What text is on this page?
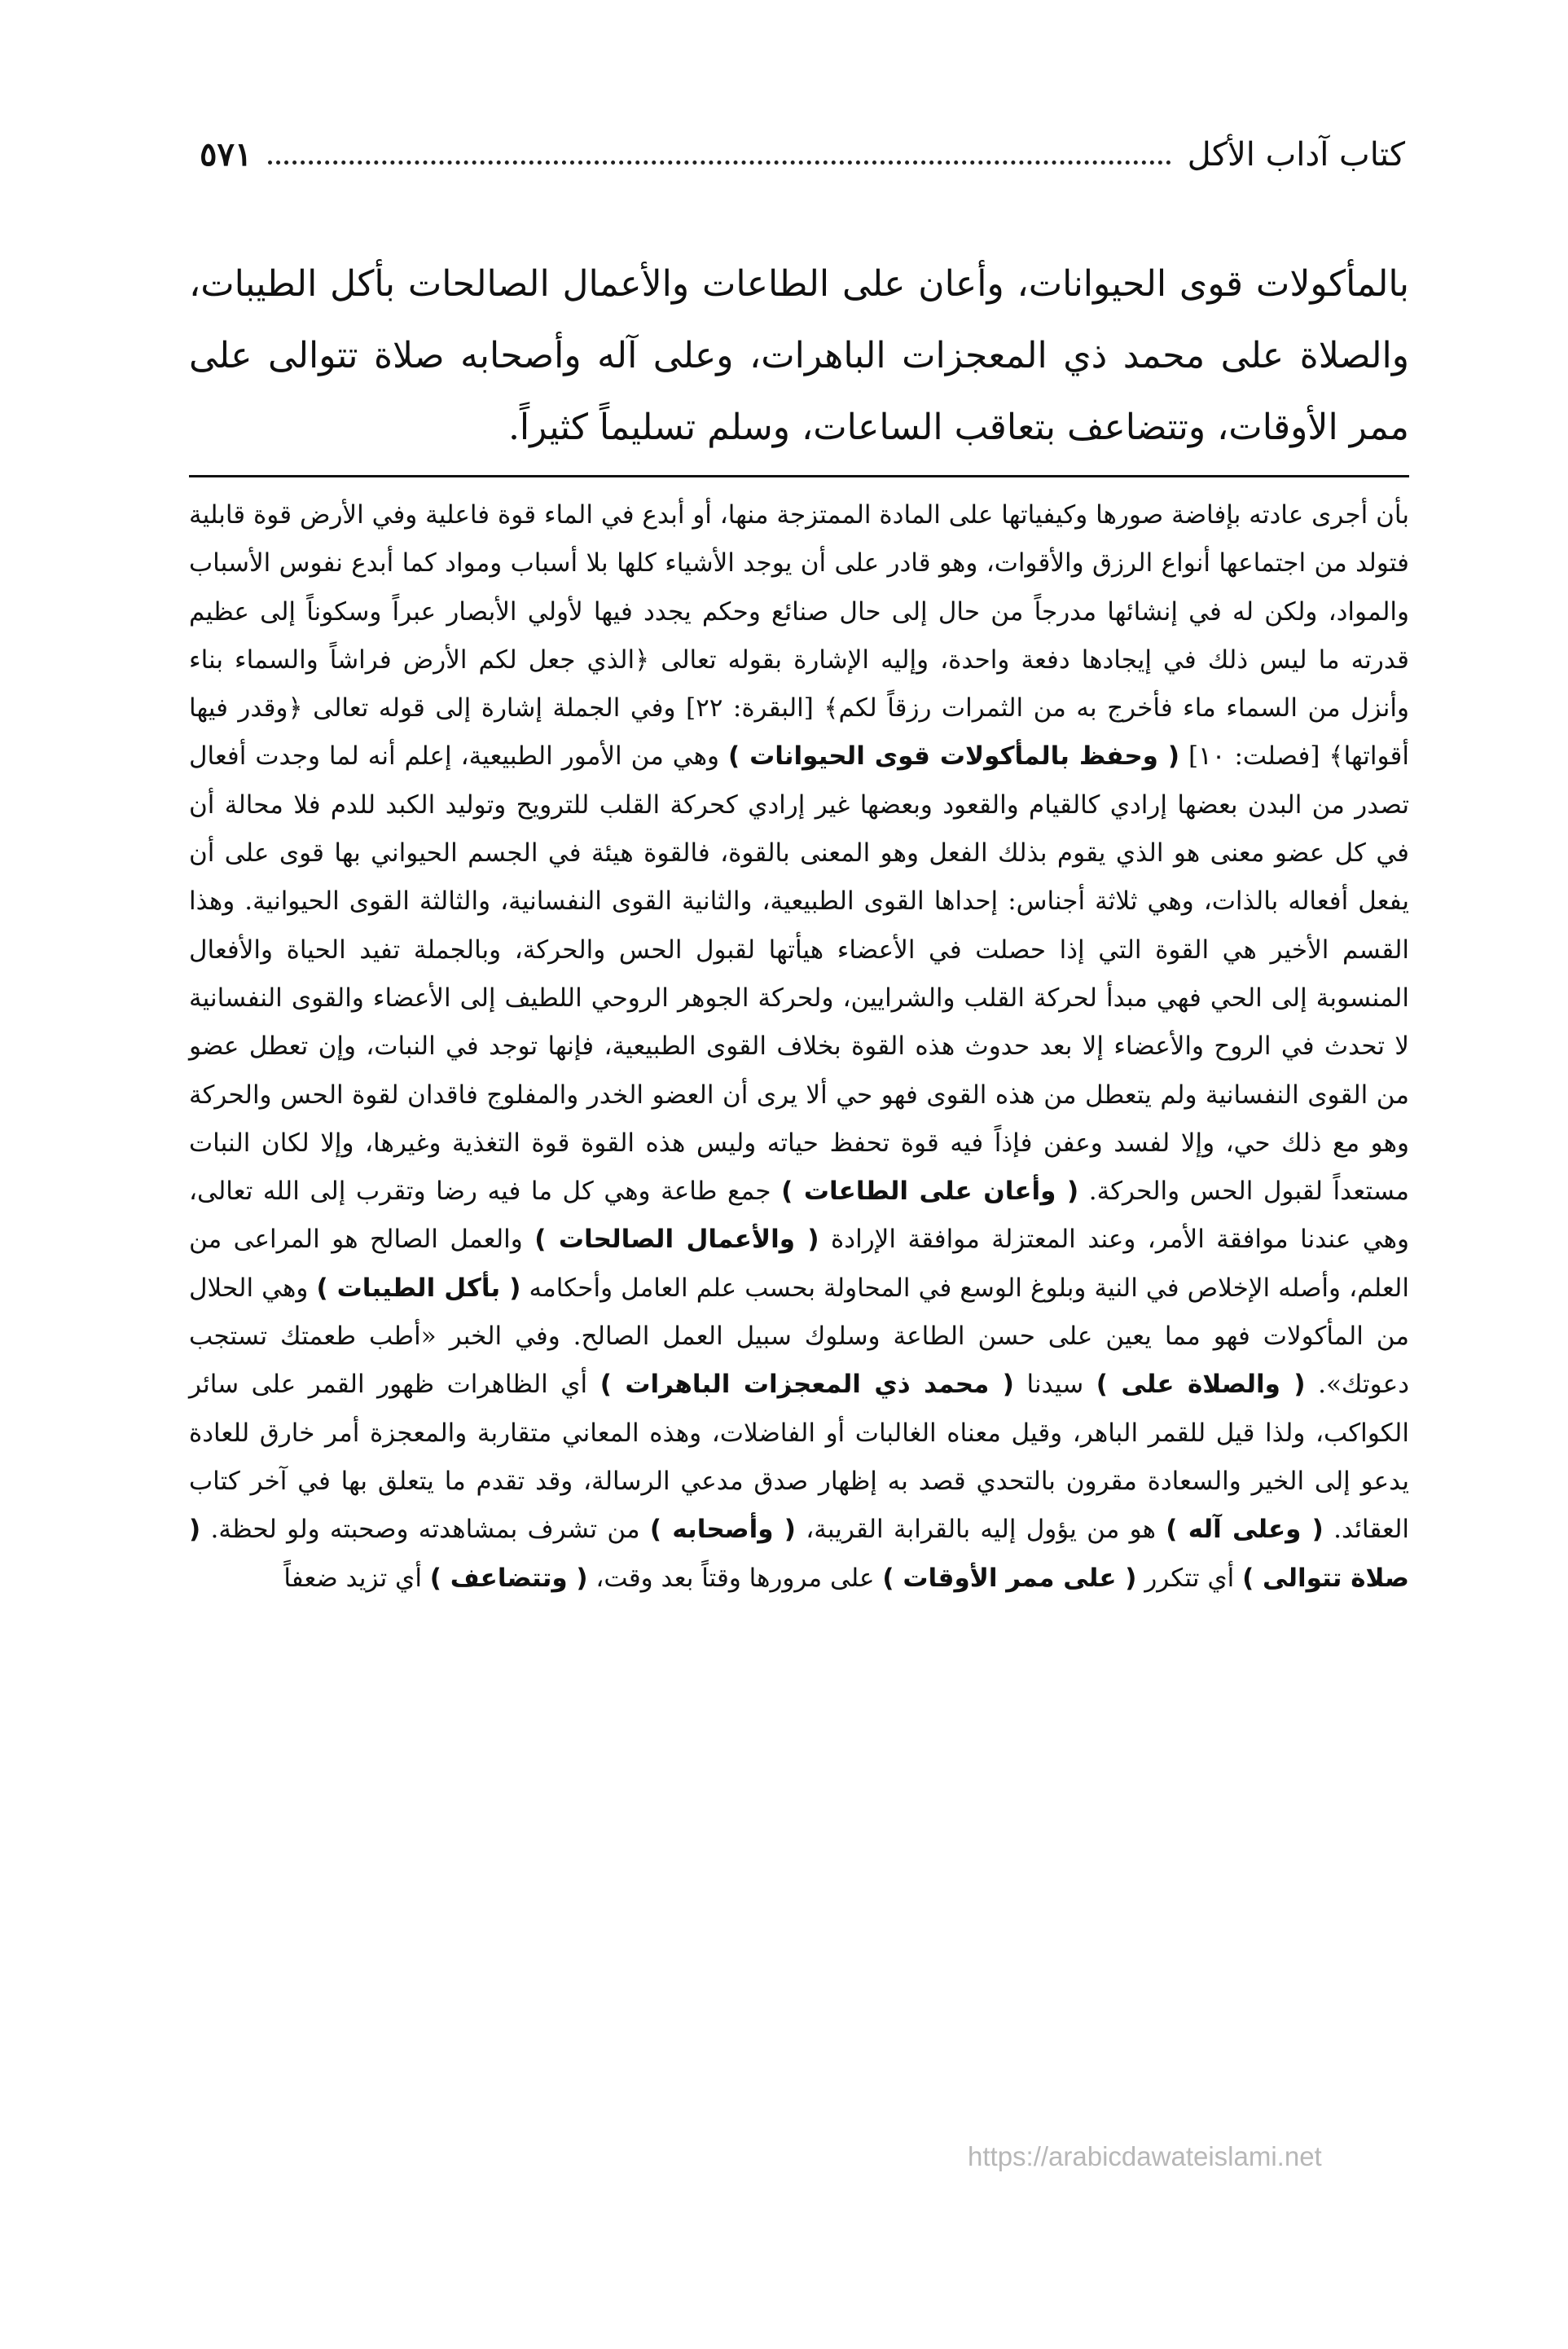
كتاب آداب الأكل
٥٧١

بالمأكولات قوى الحيوانات، وأعان على الطاعات والأعمال الصالحات بأكل الطيبات، والصلاة على محمد ذي المعجزات الباهرات، وعلى آله وأصحابه صلاة تتوالى على ممر الأوقات، وتتضاعف بتعاقب الساعات، وسلم تسليماً كثيراً.

بأن أجرى عادته بإفاضة صورها وكيفياتها على المادة الممتزجة منها، أو أبدع في الماء قوة فاعلية وفي الأرض قوة قابلية فتولد من اجتماعها أنواع الرزق والأقوات، وهو قادر على أن يوجد الأشياء كلها بلا أسباب ومواد كما أبدع نفوس الأسباب والمواد، ولكن له في إنشائها مدرجاً من حال إلى حال صنائع وحكم يجدد فيها لأولي الأبصار عبراً وسكوناً إلى عظيم قدرته ما ليس ذلك في إيجادها دفعة واحدة، وإليه الإشارة بقوله تعالى ﴿الذي جعل لكم الأرض فراشاً والسماء بناء وأنزل من السماء ماء فأخرج به من الثمرات رزقاً لكم﴾ [البقرة: ٢٢] وفي الجملة إشارة إلى قوله تعالى ﴿وقدر فيها أقواتها﴾ [فصلت: ١٠] ( وحفظ بالمأكولات قوى الحيوانات ) وهي من الأمور الطبيعية، إعلم أنه لما وجدت أفعال تصدر من البدن بعضها إرادي كالقيام والقعود وبعضها غير إرادي كحركة القلب للترويح وتوليد الكبد للدم فلا محالة أن في كل عضو معنى هو الذي يقوم بذلك الفعل وهو المعنى بالقوة، فالقوة هيئة في الجسم الحيواني بها قوى على أن يفعل أفعاله بالذات، وهي ثلاثة أجناس: إحداها القوى الطبيعية، والثانية القوى النفسانية، والثالثة القوى الحيوانية. وهذا القسم الأخير هي القوة التي إذا حصلت في الأعضاء هيأتها لقبول الحس والحركة، وبالجملة تفيد الحياة والأفعال المنسوبة إلى الحي فهي مبدأ لحركة القلب والشرايين، ولحركة الجوهر الروحي اللطيف إلى الأعضاء والقوى النفسانية لا تحدث في الروح والأعضاء إلا بعد حدوث هذه القوة بخلاف القوى الطبيعية، فإنها توجد في النبات، وإن تعطل عضو من القوى النفسانية ولم يتعطل من هذه القوى فهو حي ألا يرى أن العضو الخدر والمفلوج فاقدان لقوة الحس والحركة وهو مع ذلك حي، وإلا لفسد وعفن فإذاً فيه قوة تحفظ حياته وليس هذه القوة قوة التغذية وغيرها، وإلا لكان النبات مستعداً لقبول الحس والحركة. ( وأعان على الطاعات ) جمع طاعة وهي كل ما فيه رضا وتقرب إلى الله تعالى، وهي عندنا موافقة الأمر، وعند المعتزلة موافقة الإرادة ( والأعمال الصالحات ) والعمل الصالح هو المراعى من العلم، وأصله الإخلاص في النية وبلوغ الوسع في المحاولة بحسب علم العامل وأحكامه ( بأكل الطيبات ) وهي الحلال من المأكولات فهو مما يعين على حسن الطاعة وسلوك سبيل العمل الصالح. وفي الخبر «أطب طعمتك تستجب دعوتك». ( والصلاة على ) سيدنا ( محمد ذي المعجزات الباهرات ) أي الظاهرات ظهور القمر على سائر الكواكب، ولذا قيل للقمر الباهر، وقيل معناه الغالبات أو الفاضلات، وهذه المعاني متقاربة والمعجزة أمر خارق للعادة يدعو إلى الخير والسعادة مقرون بالتحدي قصد به إظهار صدق مدعي الرسالة، وقد تقدم ما يتعلق بها في آخر كتاب العقائد. ( وعلى آله ) هو من يؤول إليه بالقرابة القريبة، ( وأصحابه ) من تشرف بمشاهدته وصحبته ولو لحظة. ( صلاة تتوالى ) أي تتكرر ( على ممر الأوقات ) على مرورها وقتاً بعد وقت، ( وتتضاعف ) أي تزيد ضعفاً

https://arabicdawateislami.net
